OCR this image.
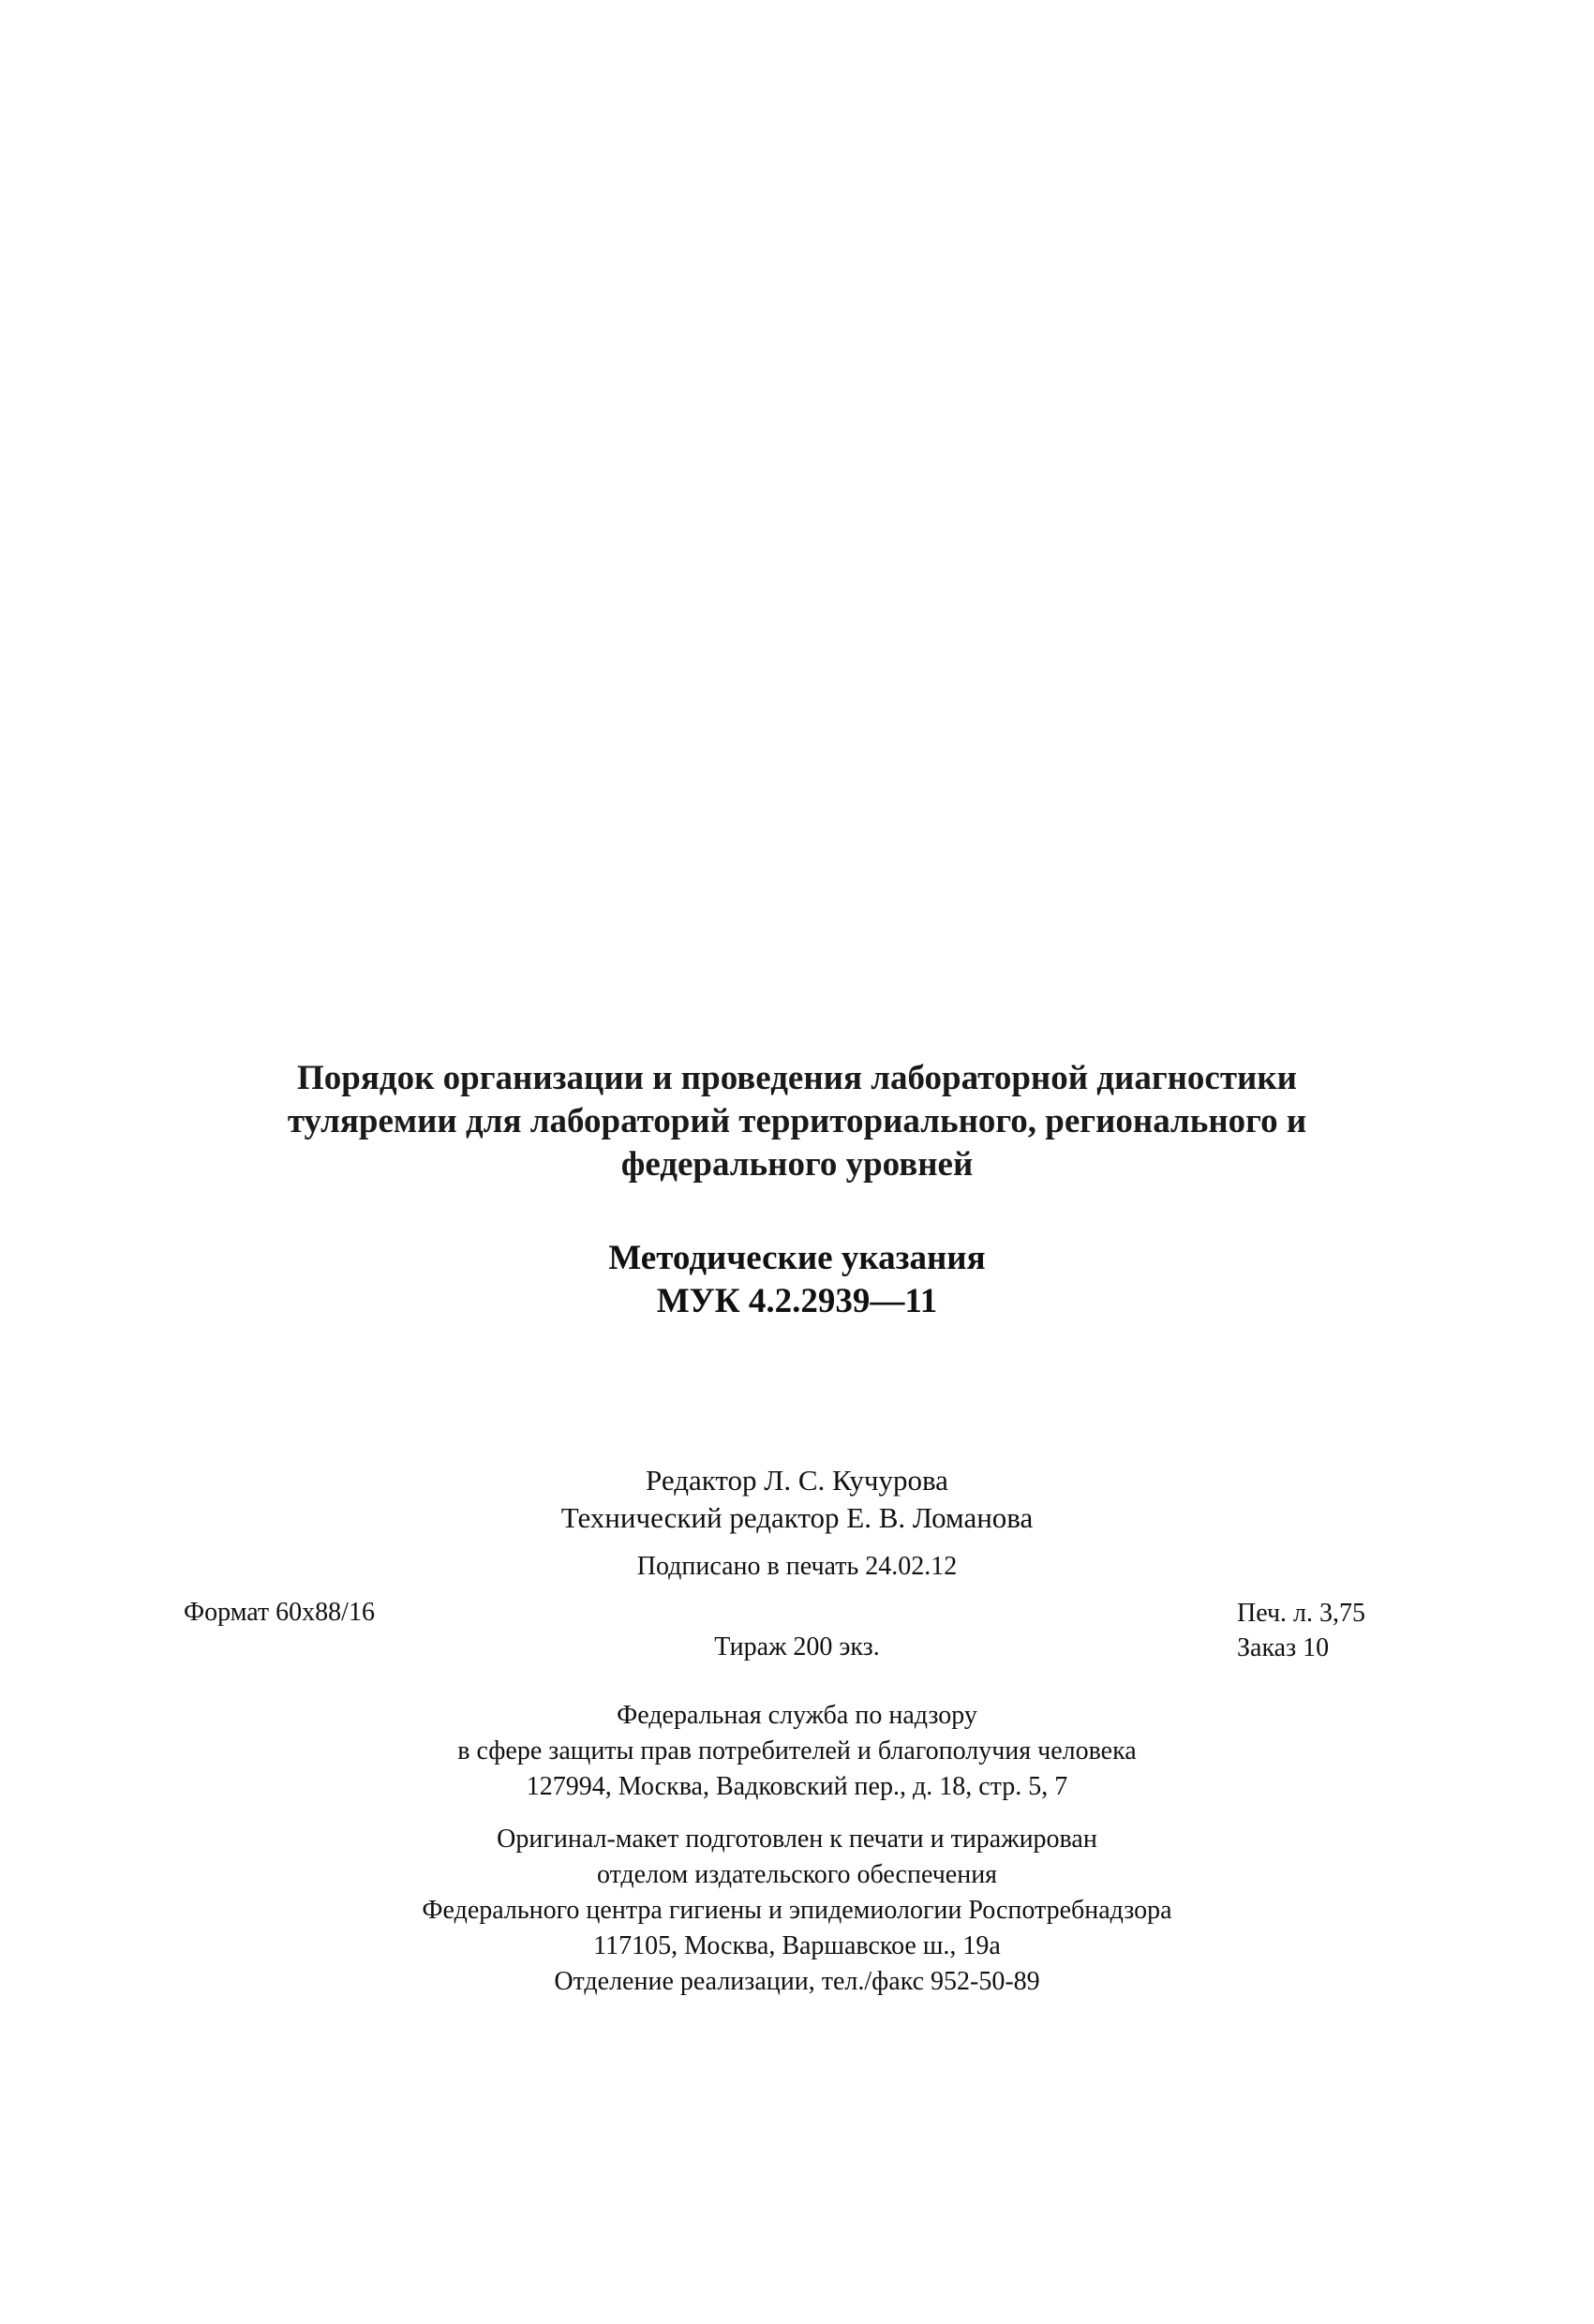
Порядок организации и проведения лабораторной диагностики
туляремии для лабораторий территориального, регионального и
федерального уровней
Методические указания
МУК 4.2.2939—11
Редактор Л. С. Кучурова
Технический редактор Е. В. Ломанова
Подписано в печать 24.02.12
Формат 60x88/16
Тираж 200 экз.
Печ. л. 3,75
Заказ 10
Федеральная служба по надзору
в сфере защиты прав потребителей и благополучия человека
127994, Москва, Вадковский пер., д. 18, стр. 5, 7
Оригинал-макет подготовлен к печати и тиражирован
отделом издательского обеспечения
Федерального центра гигиены и эпидемиологии Роспотребнадзора
117105, Москва, Варшавское ш., 19а
Отделение реализации, тел./факс 952-50-89
